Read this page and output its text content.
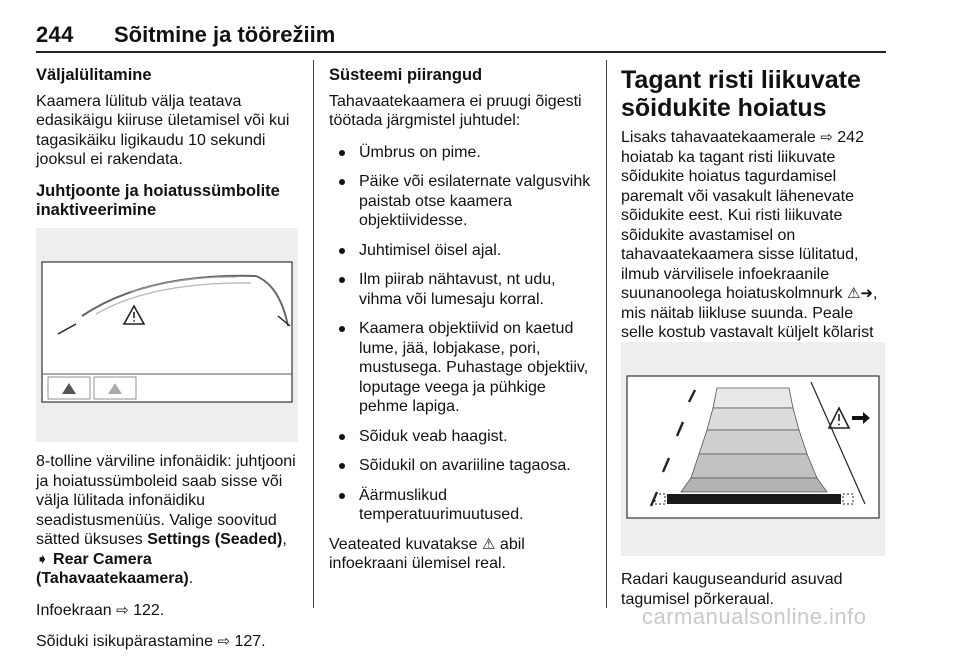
244 Sõitmine ja töörežiim
Väljalülitamine

Kaamera lülitub välja teatava edasikäigu kiiruse ületamisel või kui tagasikäiku ligikaudu 10 sekundi jooksul ei rakendata.

Juhtjoonte ja hoiatussümbolite inaktiveerimine

8-tolline värviline infonäidik: juhtjooni ja hoiatussümboleid saab sisse või välja lülitada infonäidiku seadistusmenüüs. Valige soovitud sätted üksuses Settings (Seaded), ➧ Rear Camera (Tahavaatekaamera).

Infoekraan ⇨ 122.

Sõiduki isikupärastamine ⇨ 127.

Süsteemi piirangud

Tahavaatekaamera ei pruugi õigesti töötada järgmistel juhtudel:

Ümbrus on pime.
Päike või esilaternate valgusvihk paistab otse kaamera objektiividesse.
Juhtimisel öisel ajal.
Ilm piirab nähtavust, nt udu, vihma või lumesaju korral.
Kaamera objektiivid on kaetud lume, jää, lobjakase, pori, mustusega. Puhastage objektiiv, loputage veega ja pühkige pehme lapiga.
Sõiduk veab haagist.
Sõidukil on avariiline tagaosa.
Äärmuslikud temperatuurimuutused.

Veateated kuvatakse ⚠ abil infoekraani ülemisel real.

Tagant risti liikuvate sõidukite hoiatus

Lisaks tahavaatekaamerale ⇨ 242 hoiatab ka tagant risti liikuvate sõidukite hoiatus tagurdamisel paremalt või vasakult lähenevate sõidukite eest. Kui risti liikuvate sõidukite avastamisel on tahavaatekaamera sisse lülitatud, ilmub värvilisele infoekraanile suunanoolega hoiatuskolmnurk ⚠➜, mis näitab liikluse suunda. Peale selle kostub vastavalt küljelt kõlarist

Radari kauguseandurid asuvad tagumisel põrkeraual.

carmanualsonline.info
